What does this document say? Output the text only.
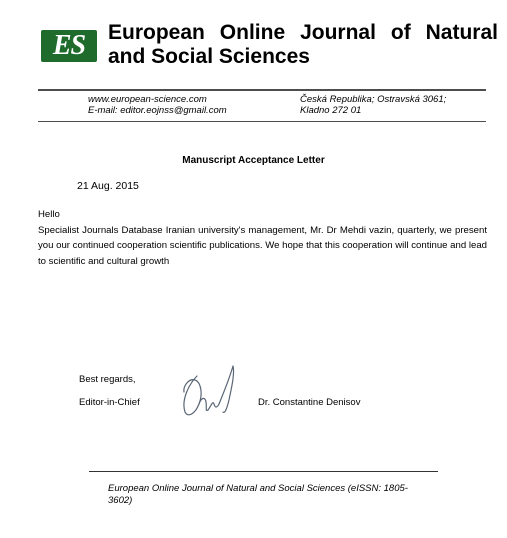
ES	European Online Journal of Natural
and Social Sciences
www.european-science.com
E-mail: editor.eojnss@gmail.com
Česká Republika; Ostravská 3061;
Kladno 272 01
Manuscript Acceptance Letter
21 Aug. 2015

Hello

Specialist Journals Database Iranian university's management, Mr. Dr Mehdi vazin, quarterly, we present you our continued cooperation scientific publications. We hope that this cooperation will continue and lead to scientific and cultural growth

Best regards,
Editor-in-Chief	Dr. Constantine Denisov
European Online Journal of Natural and Social Sciences (eISSN: 1805-3602)
